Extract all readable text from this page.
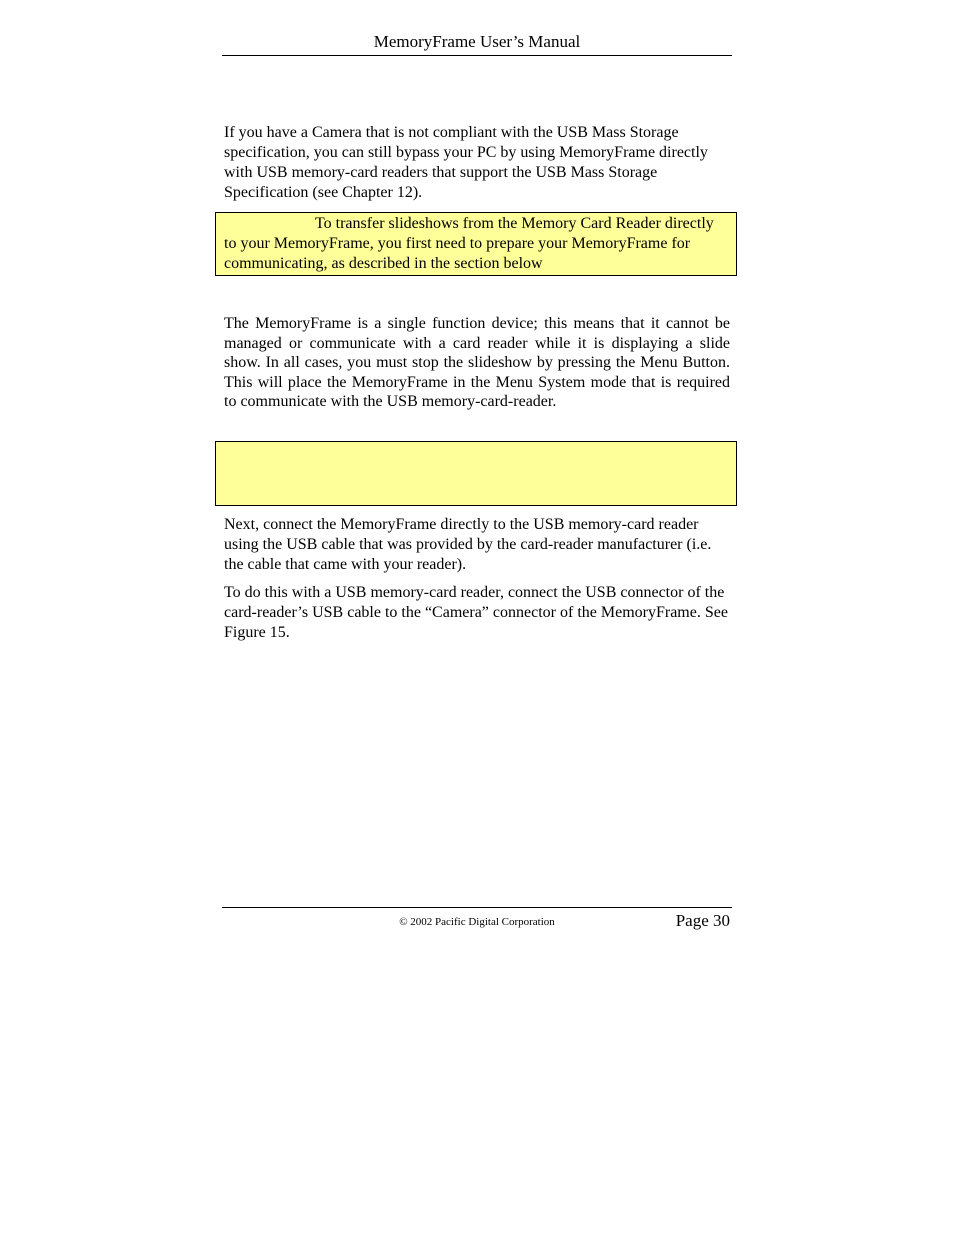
MemoryFrame User’s Manual

If you have a Camera that is not compliant with the USB Mass Storage specification, you can still bypass your PC by using MemoryFrame directly with USB memory-card readers that support the USB Mass Storage Specification (see Chapter 12).

To transfer slideshows from the Memory Card Reader directly to your MemoryFrame, you first need to prepare your MemoryFrame for communicating, as described in the section below

The MemoryFrame is a single function device; this means that it cannot be managed or communicate with a card reader while it is displaying a slide show. In all cases, you must stop the slideshow by pressing the Menu Button. This will place the MemoryFrame in the Menu System mode that is required to communicate with the USB memory-card-reader.

Next, connect the MemoryFrame directly to the USB memory-card reader using the USB cable that was provided by the card-reader manufacturer (i.e. the cable that came with your reader).

To do this with a USB memory-card reader, connect the USB connector of the card-reader’s USB cable to the “Camera” connector of the MemoryFrame. See Figure 15.

© 2002 Pacific Digital Corporation	Page 30
